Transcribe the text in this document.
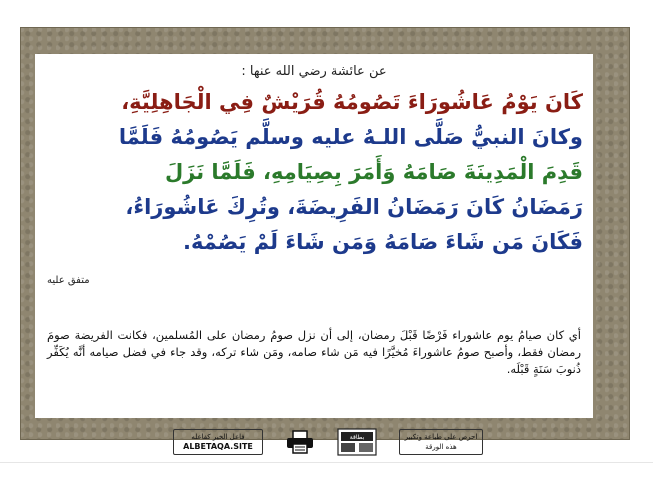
عن عائشة رضي الله عنها :
كَانَ يَوْمُ عَاشُورَاءَ تَصُومُهُ قُرَيْشٌ فِي الْجَاهِلِيَّةِ،
وكانَ النبيُّ صَلَّى اللـهُ عليه وسلَّم يَصُومُهُ فَلَمَّا
قَدِمَ الْمَدِينَةَ صَامَهُ وَأَمَرَ بِصِيَامِهِ، فَلَمَّا نَزَلَ
رَمَضَانُ كَانَ رَمَضَانُ الفَرِيضَةَ، وتُرِكَ عَاشُورَاءُ،
فَكَانَ مَن شَاءَ صَامَهُ وَمَن شَاءَ لَمْ يَصُمْهُ.
متفق عليه
أي كان صيامُ يوم عاشوراء فَرْضًا قَبْلَ رمضان، إلى أن نزل صومُ رمضان على المُسلمين، فكانت الفريضة صومَ رمضان فقط، وأصبح صومُ عاشوراءَ مُخيَّرًا فيه مَن شاء صامه، ومَن شاء تركه، وقد جاء في فضل صيامه أنَّه يُكَفِّر ذُنوبَ سَنَةٍ قَبْلَه.
فاعل الخير كفاعله
ALBETAQA.SITE
بطاقة	احرص على طباعة وتكبير هذه الورقة
